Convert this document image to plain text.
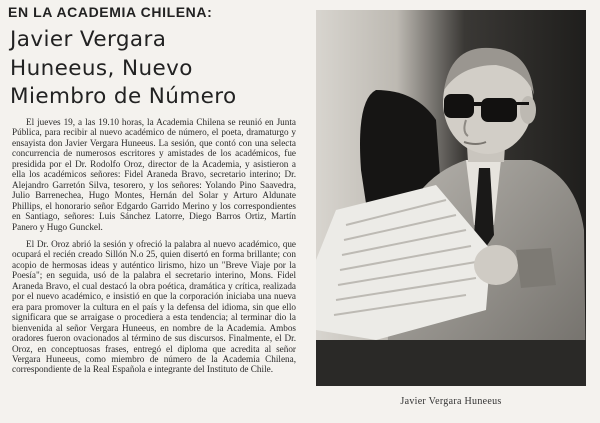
EN LA ACADEMIA CHILENA:
Javier Vergara
Huneeus, Nuevo
Miembro de Número

El jueves 19, a las 19.10 horas, la Academia Chilena se reunió en Junta Pública, para recibir al nuevo académico de número, el poeta, dramaturgo y ensayista don Javier Vergara Huneeus. La sesión, que contó con una selecta concurrencia de numerosos escritores y amistades de los académicos, fue presidida por el Dr. Rodolfo Oroz, director de la Academia, y asistieron a ella los académicos señores: Fidel Araneda Bravo, secretario interino; Dr. Alejandro Garretón Silva, tesorero, y los señores: Yolando Pino Saavedra, Julio Barrenechea, Hugo Montes, Hernán del Solar y Arturo Aldunate Phillips, el honorario señor Edgardo Garrido Merino y los correspondientes en Santiago, señores: Luis Sánchez Latorre, Diego Barros Ortiz, Martín Panero y Hugo Gunckel.

El Dr. Oroz abrió la sesión y ofreció la palabra al nuevo académico, que ocupará el recién creado Sillón N.o 25, quien disertó en forma brillante; con acopio de hermosas ideas y auténtico lirismo, hizo un "Breve Viaje por la Poesía"; en seguida, usó de la palabra el secretario interino, Mons. Fidel Araneda Bravo, el cual destacó la obra poética, dramática y crítica, realizada por el nuevo académico, e insistió en que la corporación iniciaba una nueva era para promover la cultura en el país y la defensa del idioma, sin que ello significara que se arraigase o procediera a esta tendencia; al terminar dio la bienvenida al señor Vergara Huneeus, en nombre de la Academia. Ambos oradores fueron ovacionados al término de sus discursos. Finalmente, el Dr. Oroz, en conceptuosas frases, entregó el diploma que acredita al señor Vergara Huneeus, como miembro de número de la Academia Chilena, correspondiente de la Real Española e integrante del Instituto de Chile.

Javier Vergara Huneeus
